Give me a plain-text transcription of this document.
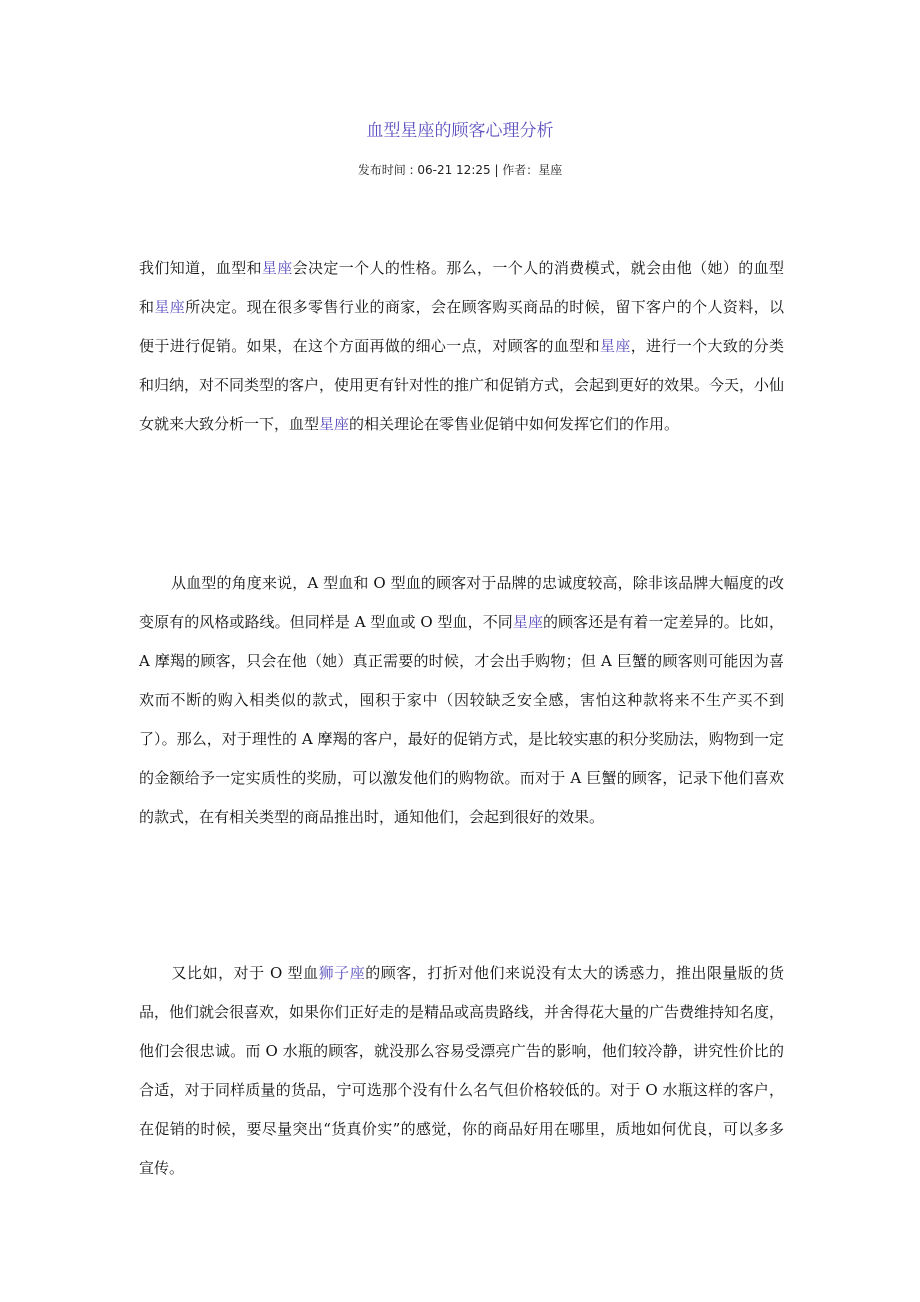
血型星座的顾客心理分析
发布时间 : 06-21 12:25 | 作者：星座

我们知道，血型和星座会决定一个人的性格。那么，一个人的消费模式，就会由他（她）的血型和星座所决定。现在很多零售行业的商家，会在顾客购买商品的时候，留下客户的个人资料，以便于进行促销。如果，在这个方面再做的细心一点，对顾客的血型和星座，进行一个大致的分类和归纳，对不同类型的客户，使用更有针对性的推广和促销方式，会起到更好的效果。今天，小仙女就来大致分析一下，血型星座的相关理论在零售业促销中如何发挥它们的作用。

从血型的角度来说，A 型血和 O 型血的顾客对于品牌的忠诚度较高，除非该品牌大幅度的改变原有的风格或路线。但同样是 A 型血或 O 型血，不同星座的顾客还是有着一定差异的。比如，A 摩羯的顾客，只会在他（她）真正需要的时候，才会出手购物；但 A 巨蟹的顾客则可能因为喜欢而不断的购入相类似的款式，囤积于家中（因较缺乏安全感，害怕这种款将来不生产买不到了）。那么，对于理性的 A 摩羯的客户，最好的促销方式，是比较实惠的积分奖励法，购物到一定的金额给予一定实质性的奖励，可以激发他们的购物欲。而对于 A 巨蟹的顾客，记录下他们喜欢的款式，在有相关类型的商品推出时，通知他们，会起到很好的效果。

又比如，对于 O 型血狮子座的顾客，打折对他们来说没有太大的诱惑力，推出限量版的货品，他们就会很喜欢，如果你们正好走的是精品或高贵路线，并舍得花大量的广告费维持知名度，他们会很忠诚。而 O 水瓶的顾客，就没那么容易受漂亮广告的影响，他们较冷静，讲究性价比的合适，对于同样质量的货品，宁可选那个没有什么名气但价格较低的。对于 O 水瓶这样的客户，在促销的时候，要尽量突出“货真价实”的感觉，你的商品好用在哪里，质地如何优良，可以多多宣传。
